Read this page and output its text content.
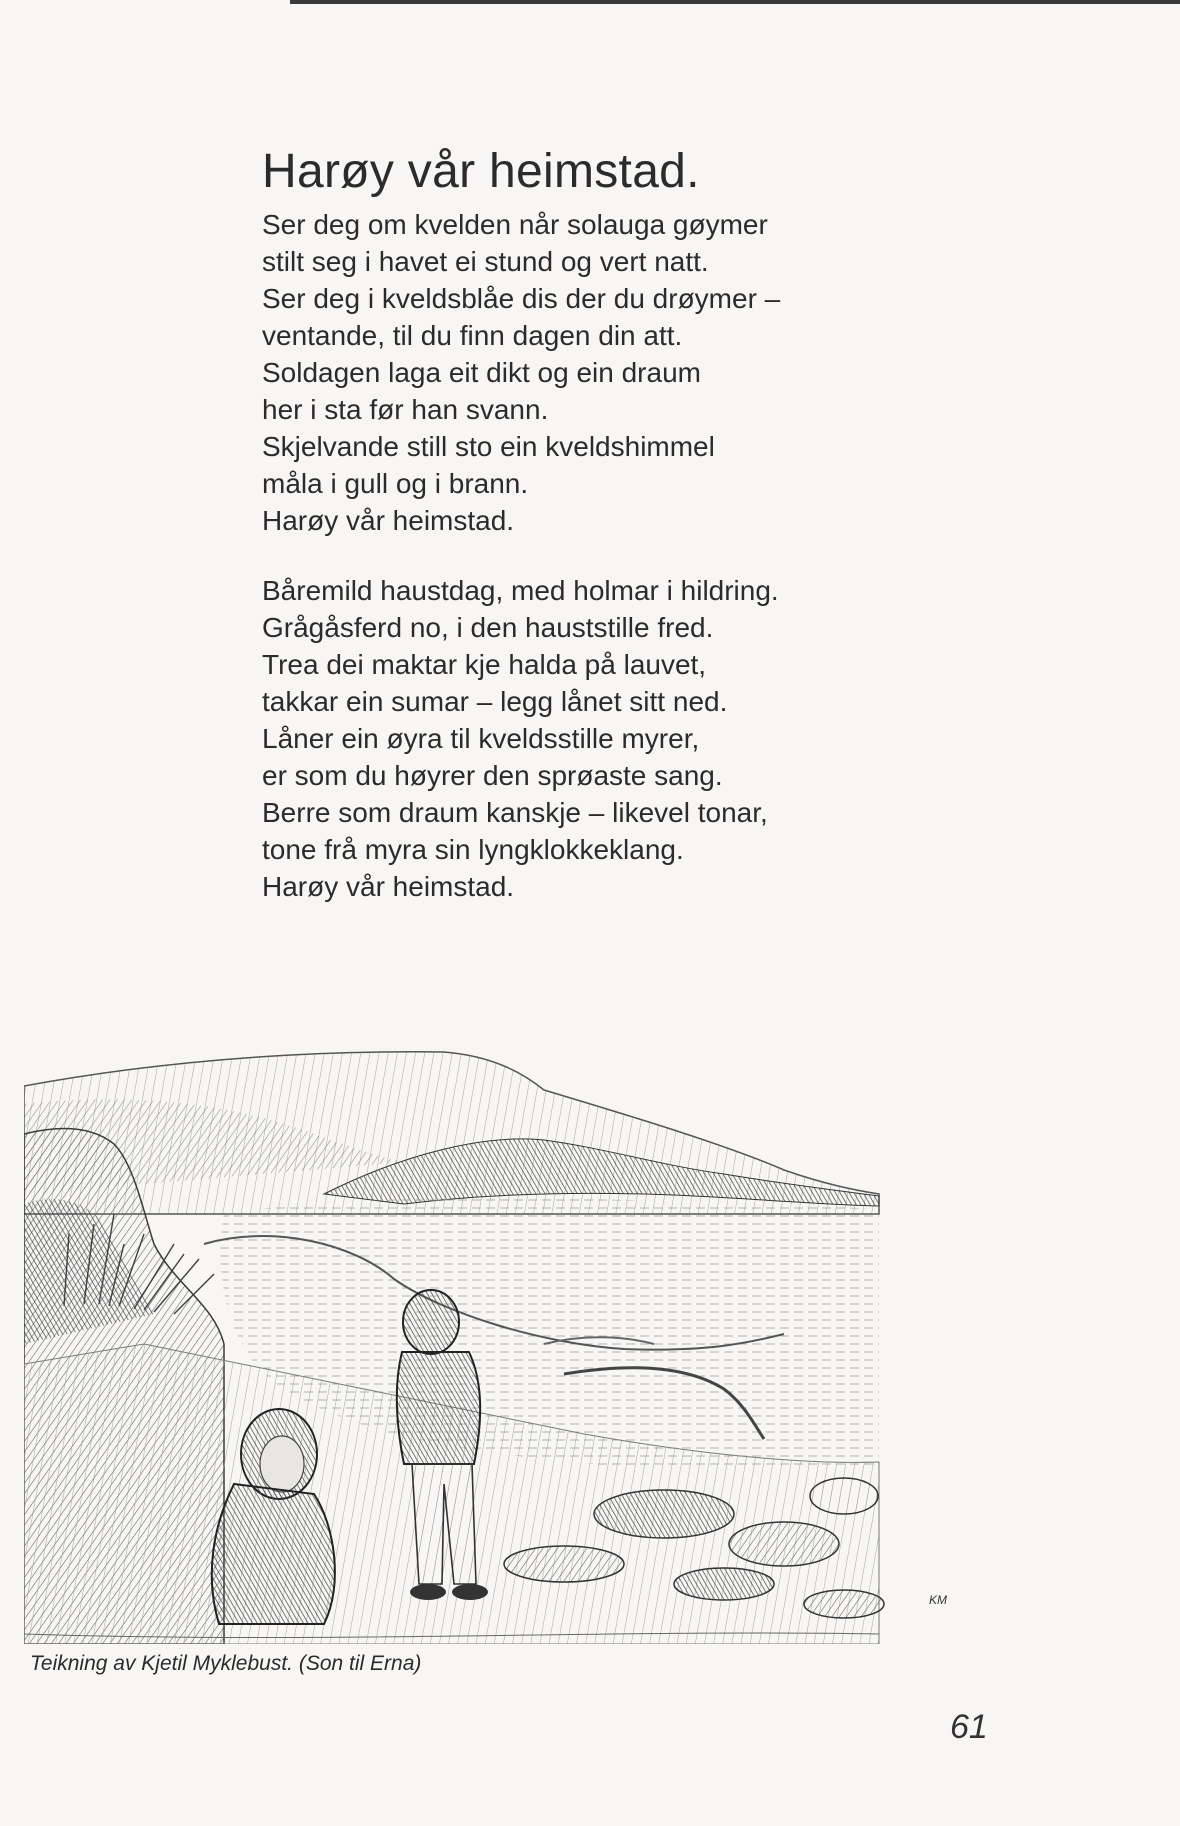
Harøy vår heimstad.
Ser deg om kvelden når solauga gøymer
stilt seg i havet ei stund og vert natt.
Ser deg i kveldsblåe dis der du drøymer –
ventande, til du finn dagen din att.
Soldagen laga eit dikt og ein draum
her i sta før han svann.
Skjelvande still sto ein kveldshimmel
måla i gull og i brann.
Harøy vår heimstad.
Båremild haustdag, med holmar i hildring.
Grågåsferd no, i den hauststille fred.
Trea dei maktar kje halda på lauvet,
takkar ein sumar – legg lånet sitt ned.
Låner ein øyra til kveldsstille myrer,
er som du høyrer den sprøaste sang.
Berre som draum kanskje – likevel tonar,
tone frå myra sin lyngklokkeklang.
Harøy vår heimstad.
KM
Teikning av Kjetil Myklebust. (Son til Erna)
61
